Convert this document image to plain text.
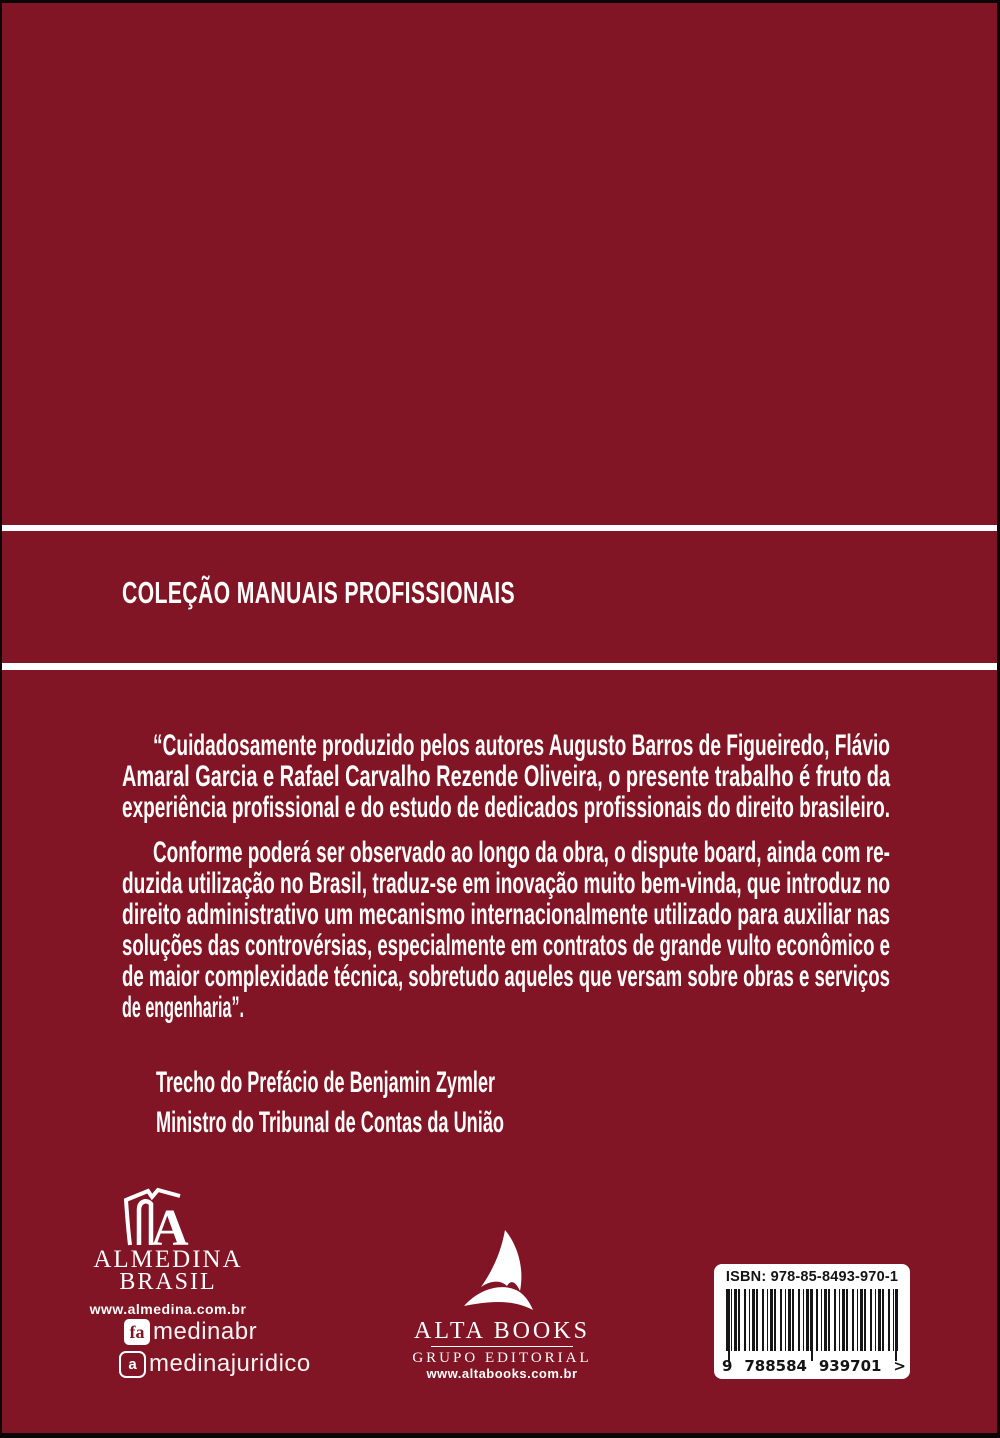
COLEÇÃO MANUAIS PROFISSIONAIS
“Cuidadosamente produzido pelos autores Augusto Barros de Figueiredo, Flávio
Amaral Garcia e Rafael Carvalho Rezende Oliveira, o presente trabalho é fruto da
experiência profissional e do estudo de dedicados profissionais do direito brasileiro.
Conforme poderá ser observado ao longo da obra, o dispute board, ainda com re-
duzida utilização no Brasil, traduz-se em inovação muito bem-vinda, que introduz no
direito administrativo um mecanismo internacionalmente utilizado para auxiliar nas
soluções das controvérsias, especialmente em contratos de grande vulto econômico e
de maior complexidade técnica, sobretudo aqueles que versam sobre obras e serviços
de engenharia”.
Trecho do Prefácio de Benjamin Zymler
Ministro do Tribunal de Contas da União
A
ALMEDINA
BRASIL
www.almedina.com.br
fa medinabr
a medinajuridico
ALTA BOOKS
GRUPO EDITORIAL
www.altabooks.com.br
ISBN: 978-85-8493-970-1
9 788584 939701 >
